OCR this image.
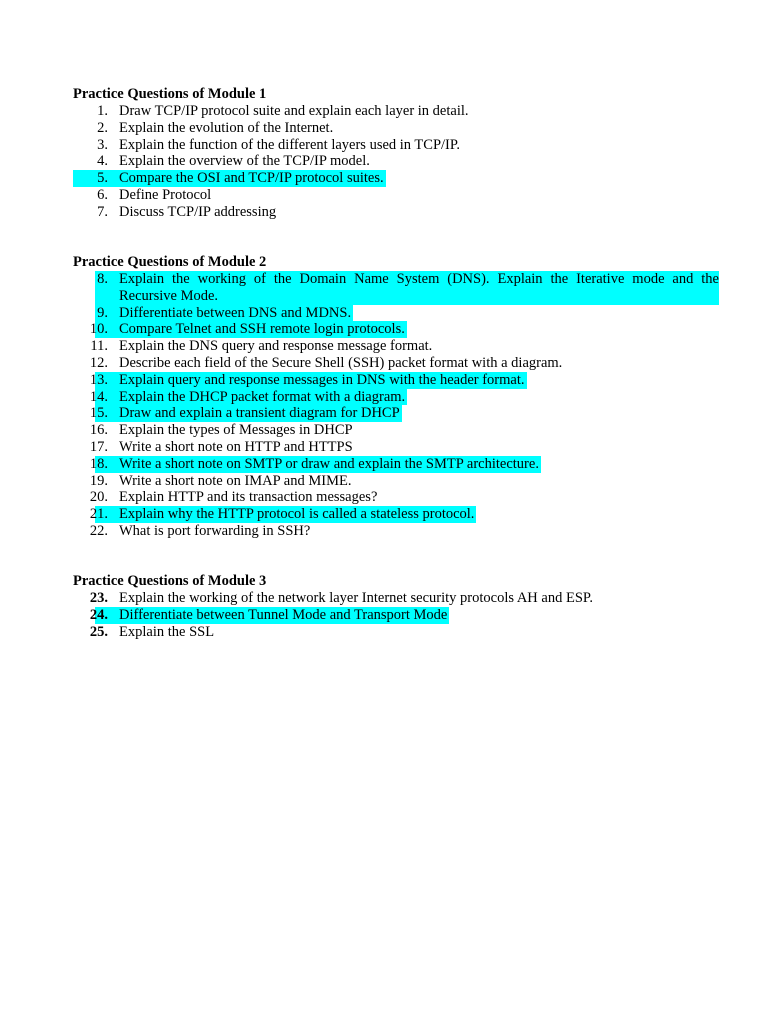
Practice Questions of Module 1
1. Draw TCP/IP protocol suite and explain each layer in detail.
2. Explain the evolution of the Internet.
3. Explain the function of the different layers used in TCP/IP.
4. Explain the overview of the TCP/IP model.
5. Compare the OSI and TCP/IP protocol suites.
6. Define Protocol
7. Discuss TCP/IP addressing
Practice Questions of Module 2
8. Explain the working of the Domain Name System (DNS). Explain the Iterative mode and the Recursive Mode.
9. Differentiate between DNS and MDNS.
10. Compare Telnet and SSH remote login protocols.
11. Explain the DNS query and response message format.
12. Describe each field of the Secure Shell (SSH) packet format with a diagram.
13. Explain query and response messages in DNS with the header format.
14. Explain the DHCP packet format with a diagram.
15. Draw and explain a transient diagram for DHCP
16. Explain the types of Messages in DHCP
17. Write a short note on HTTP and HTTPS
18. Write a short note on SMTP or draw and explain the SMTP architecture.
19. Write a short note on IMAP and MIME.
20. Explain HTTP and its transaction messages?
21. Explain why the HTTP protocol is called a stateless protocol.
22. What is port forwarding in SSH?
Practice Questions of Module 3
23. Explain the working of the network layer Internet security protocols AH and ESP.
24. Differentiate between Tunnel Mode and Transport Mode
25. Explain the SSL
